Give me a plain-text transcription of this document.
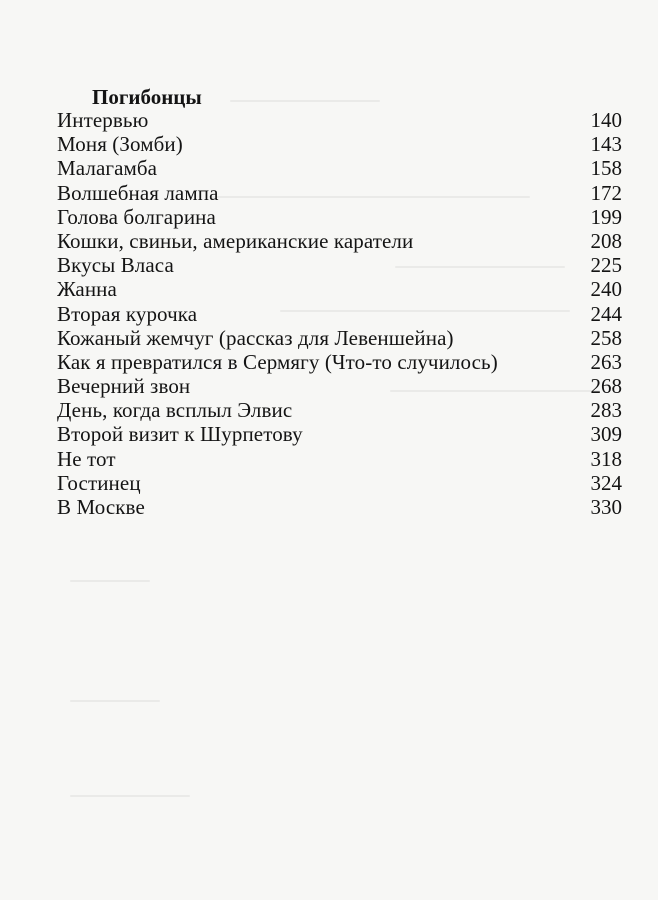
Погибонцы
Интервью	140
Моня (Зомби)	143
Малагамба	158
Волшебная лампа	172
Голова болгарина	199
Кошки, свиньи, американские каратели	208
Вкусы Власа	225
Жанна	240
Вторая курочка	244
Кожаный жемчуг (рассказ для Левеншейна)	258
Как я превратился в Сермягу (Что-то случилось)	263
Вечерний звон	268
День, когда всплыл Элвис	283
Второй визит к Шурпетову	309
Не тот	318
Гостинец	324
В Москве	330
